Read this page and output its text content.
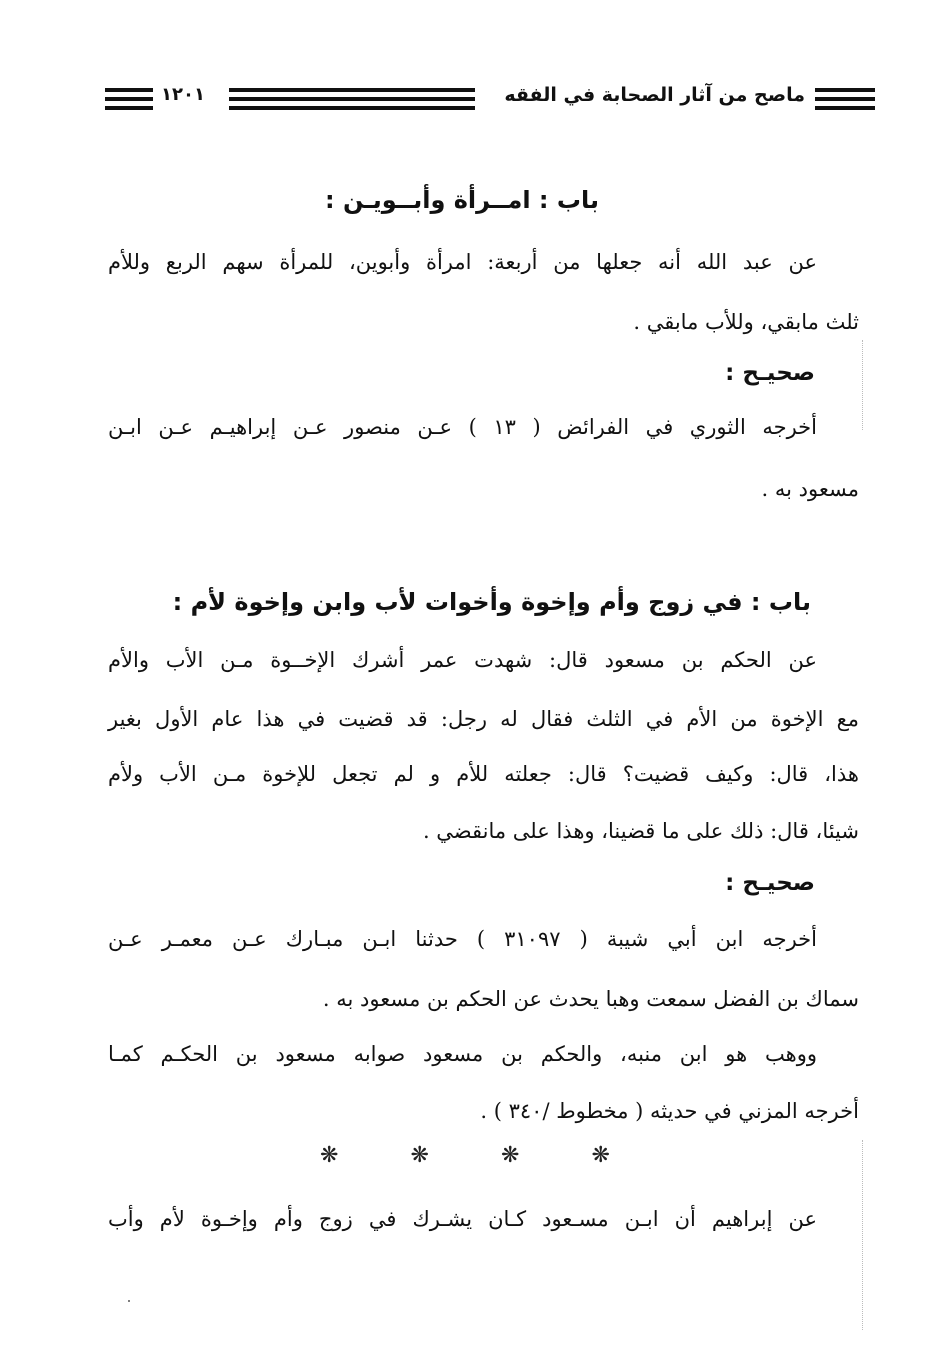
ماصح من آثار الصحابة في الفقه
١٢٠١
باب : امــرأة وأبــويـن :
عن عبد الله أنه جعلها من أربعة: امرأة وأبوين، للمرأة سهم الربع وللأم
ثلث مابقي، وللأب مابقي .
صحيـح :
أخرجه الثوري في الفرائض ( ١٣ ) عـن منصور عـن إبراهيـم عـن ابـن
مسعود به .
باب : في زوج وأم وإخوة وأخوات لأب وابن وإخوة لأم :
عن الحكم بن مسعود قال: شهدت عمر أشرك الإخــوة مـن الأب والأم
مع الإخوة من الأم في الثلث فقال له رجل: قد قضيت في هذا عام الأول بغير
هذا، قال: وكيف قضيت؟ قال: جعلته للأم و لم تجعل للإخوة مـن الأب ولأم
شيئا، قال: ذلك على ما قضينا، وهذا على مانقضي .
صحيـح :
أخرجه ابن أبي شيبة ( ٣١٠٩٧ ) حدثنا ابـن مبـارك عـن معمـر عـن
سماك بن الفضل سمعت وهبا يحدث عن الحكم بن مسعود به .
ووهب هو ابن منبه، والحكم بن مسعود صوابه مسعود بن الحكـم كمـا
أخرجه المزني في حديثه ( مخطوط /٣٤٠ ) .
❋	❋	❋	❋
عن إبراهيم أن ابـن مسـعود كـان يشـرك في زوج وأم وإخـوة لأم وأب
